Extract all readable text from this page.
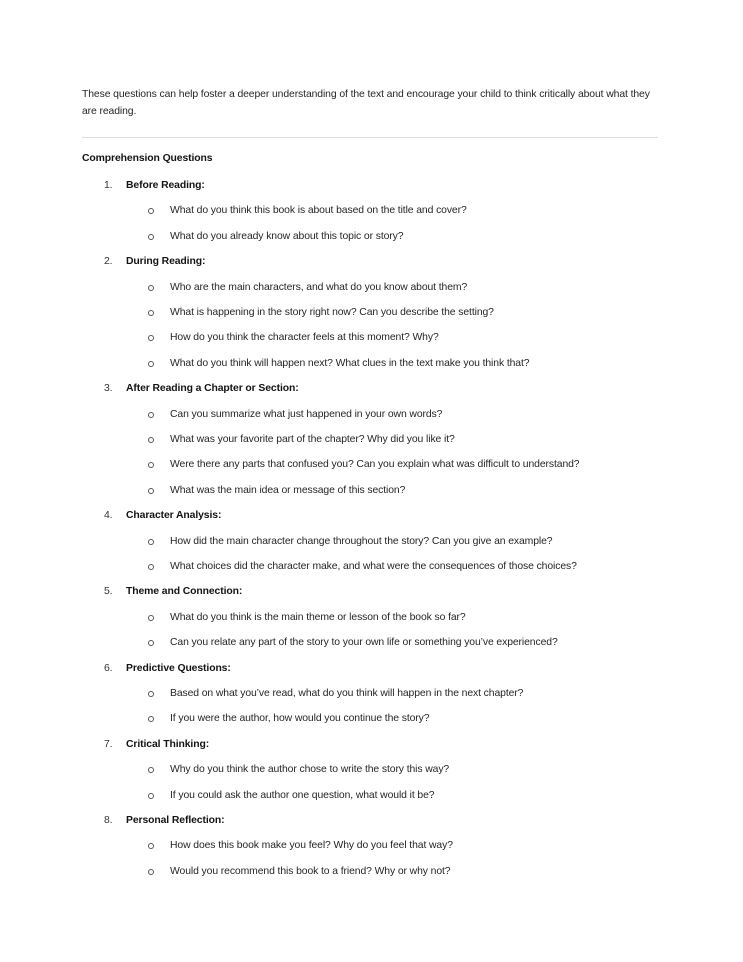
These questions can help foster a deeper understanding of the text and encourage your child to think critically about what they are reading.

Comprehension Questions
1. Before Reading:
What do you think this book is about based on the title and cover?
What do you already know about this topic or story?
2. During Reading:
Who are the main characters, and what do you know about them?
What is happening in the story right now? Can you describe the setting?
How do you think the character feels at this moment? Why?
What do you think will happen next? What clues in the text make you think that?
3. After Reading a Chapter or Section:
Can you summarize what just happened in your own words?
What was your favorite part of the chapter? Why did you like it?
Were there any parts that confused you? Can you explain what was difficult to understand?
What was the main idea or message of this section?
4. Character Analysis:
How did the main character change throughout the story? Can you give an example?
What choices did the character make, and what were the consequences of those choices?
5. Theme and Connection:
What do you think is the main theme or lesson of the book so far?
Can you relate any part of the story to your own life or something you’ve experienced?
6. Predictive Questions:
Based on what you’ve read, what do you think will happen in the next chapter?
If you were the author, how would you continue the story?
7. Critical Thinking:
Why do you think the author chose to write the story this way?
If you could ask the author one question, what would it be?
8. Personal Reflection:
How does this book make you feel? Why do you feel that way?
Would you recommend this book to a friend? Why or why not?
